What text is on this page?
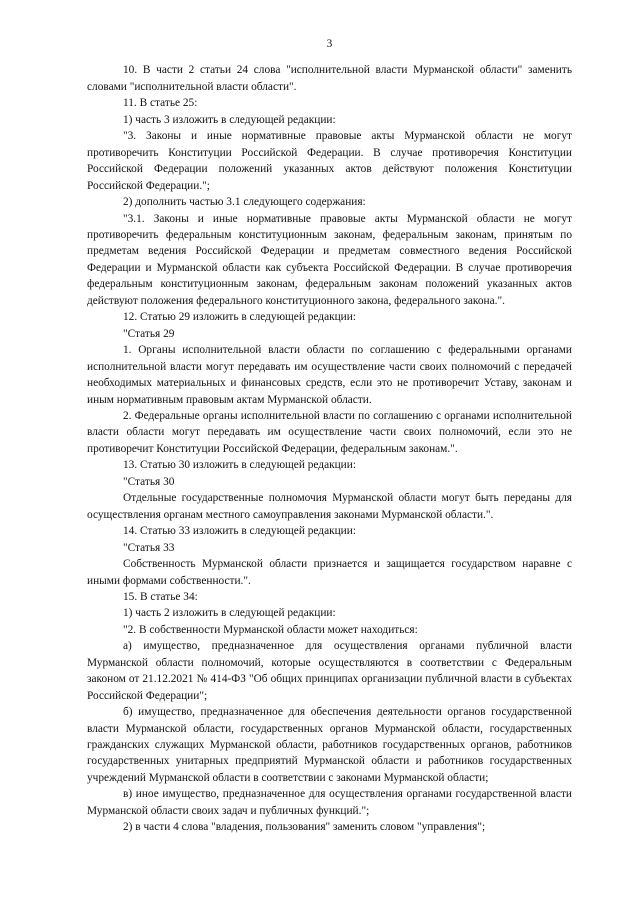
3

10. В части 2 статьи 24 слова "исполнительной власти Мурманской области" заменить словами "исполнительной власти области".

11. В статье 25:

1) часть 3 изложить в следующей редакции:

"3. Законы и иные нормативные правовые акты Мурманской области не могут противоречить Конституции Российской Федерации. В случае противоречия Конституции Российской Федерации положений указанных актов действуют положения Конституции Российской Федерации.";

2) дополнить частью 3.1 следующего содержания:

"3.1. Законы и иные нормативные правовые акты Мурманской области не могут противоречить федеральным конституционным законам, федеральным законам, принятым по предметам ведения Российской Федерации и предметам совместного ведения Российской Федерации и Мурманской области как субъекта Российской Федерации. В случае противоречия федеральным конституционным законам, федеральным законам положений указанных актов действуют положения федерального конституционного закона, федерального закона.".

12. Статью 29 изложить в следующей редакции:

"Статья 29

1. Органы исполнительной власти области по соглашению с федеральными органами исполнительной власти могут передавать им осуществление части своих полномочий с передачей необходимых материальных и финансовых средств, если это не противоречит Уставу, законам и иным нормативным правовым актам Мурманской области.

2. Федеральные органы исполнительной власти по соглашению с органами исполнительной власти области могут передавать им осуществление части своих полномочий, если это не противоречит Конституции Российской Федерации, федеральным законам.".

13. Статью 30 изложить в следующей редакции:

"Статья 30

Отдельные государственные полномочия Мурманской области могут быть переданы для осуществления органам местного самоуправления законами Мурманской области.".

14. Статью 33 изложить в следующей редакции:

"Статья 33

Собственность Мурманской области признается и защищается государством наравне с иными формами собственности.".

15. В статье 34:

1) часть 2 изложить в следующей редакции:

"2. В собственности Мурманской области может находиться:

а) имущество, предназначенное для осуществления органами публичной власти Мурманской области полномочий, которые осуществляются в соответствии с Федеральным законом от 21.12.2021 № 414-ФЗ "Об общих принципах организации публичной власти в субъектах Российской Федерации";

б) имущество, предназначенное для обеспечения деятельности органов государственной власти Мурманской области, государственных органов Мурманской области, государственных гражданских служащих Мурманской области, работников государственных органов, работников государственных унитарных предприятий Мурманской области и работников государственных учреждений Мурманской области в соответствии с законами Мурманской области;

в) иное имущество, предназначенное для осуществления органами государственной власти Мурманской области своих задач и публичных функций.";

2) в части 4 слова "владения, пользования" заменить словом "управления";
